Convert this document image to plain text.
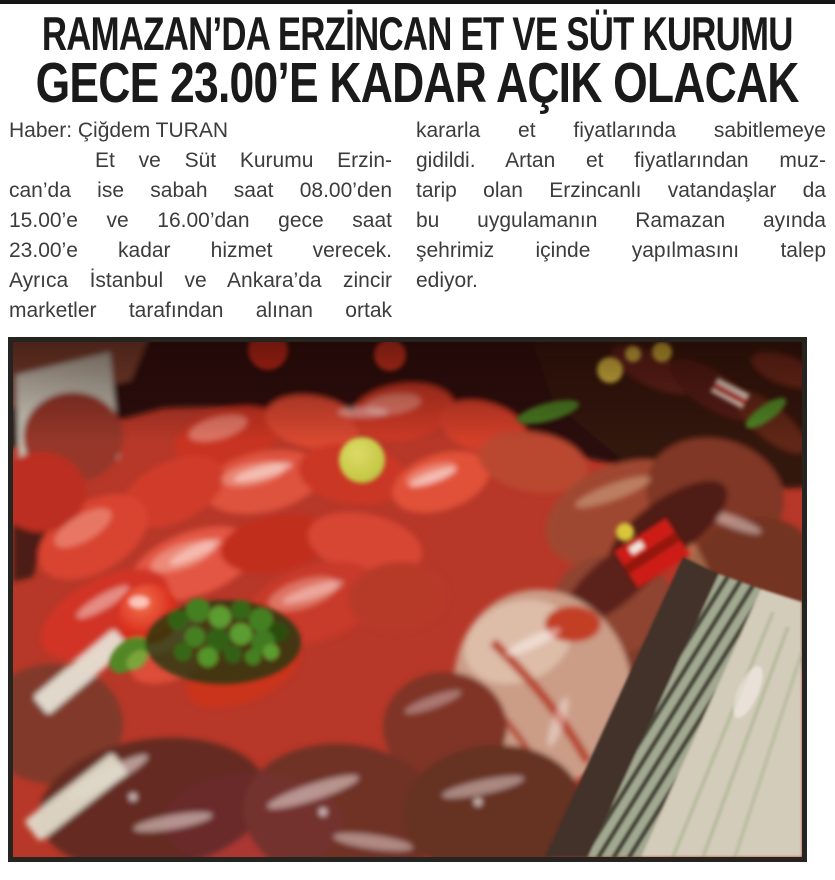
RAMAZAN’DA ERZİNCAN ET VE SÜT KURUMU
GECE 23.00’E KADAR AÇIK OLACAK
Haber: Çiğdem TURAN
Et ve Süt Kurumu Erzin-
can’da ise sabah saat 08.00’den
15.00’e ve 16.00’dan gece saat
23.00’e kadar hizmet verecek.
Ayrıca İstanbul ve Ankara’da zincir
marketler tarafından alınan ortak
kararla et fiyatlarında sabitlemeye
gidildi. Artan et fiyatlarından muz-
tarip olan Erzincanlı vatandaşlar da
bu uygulamanın Ramazan ayında
şehrimiz içinde yapılmasını talep
ediyor.
